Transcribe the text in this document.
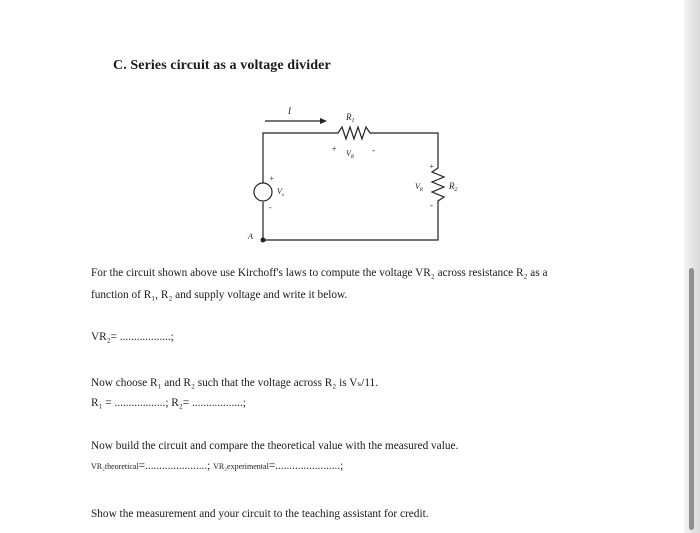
C. Series circuit as a voltage divider
I
$R_1$
+ $V_R$
-
+
$V_R$
-
$R_2$
+
-
$V_s$
A
For the circuit shown above use Kirchoff's laws to compute the voltage VR₂ across resistance R₂ as a
function of R₁, R₂ and supply voltage and write it below.
VR₂= ..................;
Now choose R₁ and R₂ such that the voltage across R₂ is Vₛ/11.
R₁ = ..................; R₂= ..................;
Now build the circuit and compare the theoretical value with the measured value.
VR₂theoretical=......................; VR₂experimental=.......................;
Show the measurement and your circuit to the teaching assistant for credit.
